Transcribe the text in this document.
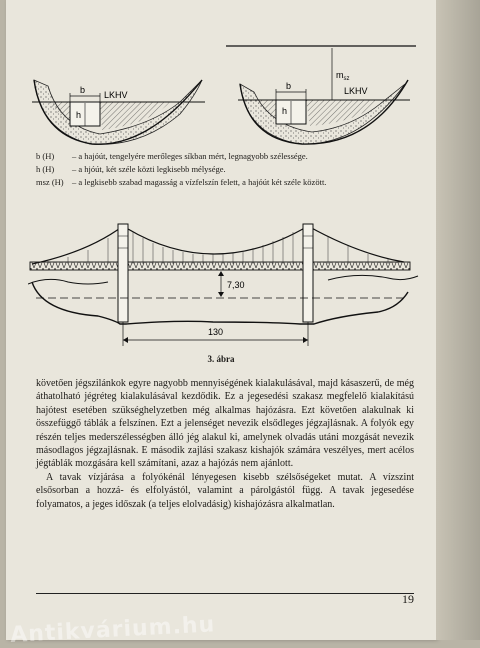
b
h
LKHV
b
h
LKHV
$m_{sz}$
b (H)	– a hajóút, tengelyére merőleges síkban mért, legnagyobb szélessége.
h (H)	– a hjóút, két széle közti legkisebb mélysége.
msz (H) – a legkisebb szabad magasság a vízfelszín felett, a hajóút két széle között.
7,30
130
3. ábra

követően jégszilánkok egyre nagyobb mennyiségének kialakulásával, majd kásaszerű, de még áthatolható jégréteg kialakulásával kezdődik. Ez a jegesedési szakasz megfelelő kialakítású hajótest esetében szükséghelyzetben még alkalmas hajózásra. Ezt követően alakulnak ki összefüggő táblák a felszínen. Ezt a jelenséget nevezik elsődleges jégzajlásnak. A folyók egy részén teljes mederszélességben álló jég alakul ki, amelynek olvadás utáni mozgását nevezik másodlagos jégzajlásnak. E második zajlási szakasz kishajók számára veszélyes, mert acélos jégtáblák mozgására kell számítani, azaz a hajózás nem ajánlott.

A tavak vízjárása a folyókénál lényegesen kisebb szélsőségeket mutat. A vízszint elsősorban a hozzá- és elfolyástól, valamint a párolgástól függ. A tavak jegesedése folyamatos, a jeges időszak (a teljes elolvadásig) kishajózásra alkalmatlan.

19
Antikvárium.hu
